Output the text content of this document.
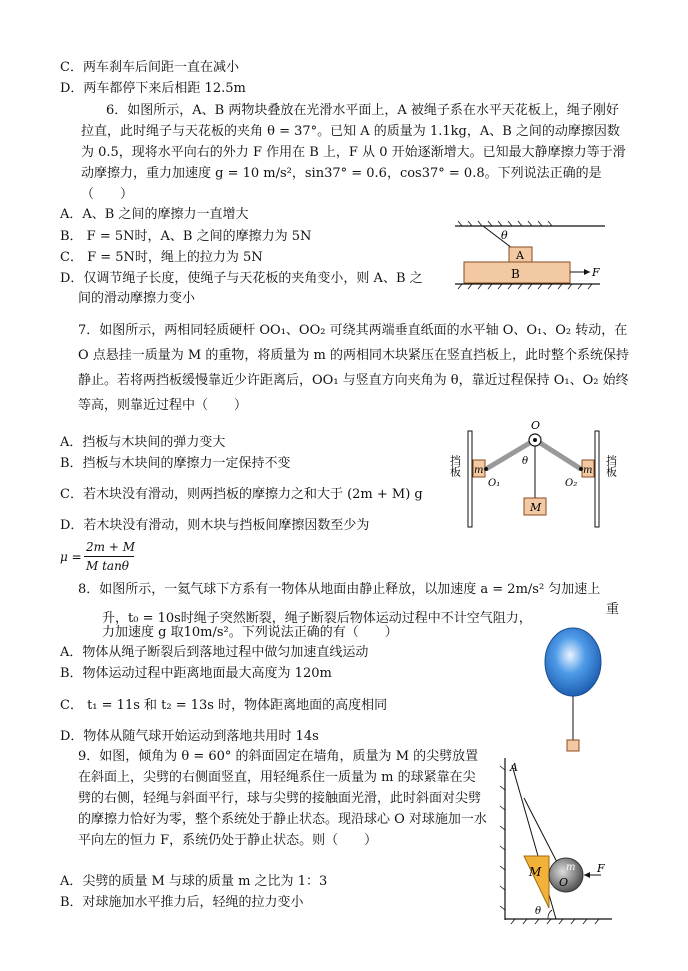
C．两车刹车后间距一直在减小
D．两车都停下来后相距 12.5m
6．如图所示，A、B 两物块叠放在光滑水平面上，A 被绳子系在水平天花板上，绳子刚好拉直，此时绳子与天花板的夹角 θ = 37°。已知 A 的质量为 1.1kg，A、B 之间的动摩擦因数为 0.5，现将水平向右的外力 F 作用在 B 上，F 从 0 开始逐渐增大。已知最大静摩擦力等于滑动摩擦力，重力加速度 g = 10 m/s²，sin37° = 0.6，cos37° = 0.8。下列说法正确的是（　　）
A．A、B 之间的摩擦力一直增大
B． F = 5N时，A、B 之间的摩擦力为 5N
C． F = 5N时，绳上的拉力为 5N
D．仅调节绳子长度，使绳子与天花板的夹角变小，则 A、B 之
间的滑动摩擦力变小
θ
A
B	F
7．如图所示，两相同轻质硬杆 OO₁、OO₂ 可绕其两端垂直纸面的水平轴 O、O₁、O₂ 转动，在 O 点悬挂一质量为 M 的重物，将质量为 m 的两相同木块紧压在竖直挡板上，此时整个系统保持静止。若将两挡板缓慢靠近少许距离后，OO₁ 与竖直方向夹角为 θ，靠近过程保持 O₁、O₂ 始终等高，则靠近过程中（　　）
A．挡板与木块间的弹力变大
B．挡板与木块间的摩擦力一定保持不变
C．若木块没有滑动，则两挡板的摩擦力之和大于 (2m + M) g
D．若木块没有滑动，则木块与挡板间摩擦因数至少为
μ =
2m + M
M tanθ
O
O₁	O₂
θ
m	m
M
挡板	挡板
8．如图所示，一氦气球下方系有一物体从地面由静止释放，以加速度 a = 2m/s² 匀加速上
升，t₀ = 10s时绳子突然断裂，绳子断裂后物体运动过程中不计空气阻力，
重
力加速度 g 取10m/s²。下列说法正确的有（　　）
A．物体从绳子断裂后到落地过程中做匀加速直线运动
B．物体运动过程中距离地面最大高度为 120m
C． t₁ = 11s 和 t₂ = 13s 时，物体距离地面的高度相同
D．物体从随气球开始运动到落地共用时 14s
9．如图，倾角为 θ = 60° 的斜面固定在墙角，质量为 M 的尖劈放置在斜面上，尖劈的右侧面竖直，用轻绳系住一质量为 m 的球紧靠在尖劈的右侧，轻绳与斜面平行，球与尖劈的接触面光滑，此时斜面对尖劈的摩擦力恰好为零，整个系统处于静止状态。现沿球心 O 对球施加一水平向左的恒力 F，系统仍处于静止状态。则（　　）
A．尖劈的质量 M 与球的质量 m 之比为 1：3
B．对球施加水平推力后，轻绳的拉力变小
A
M m
O
F
θ
